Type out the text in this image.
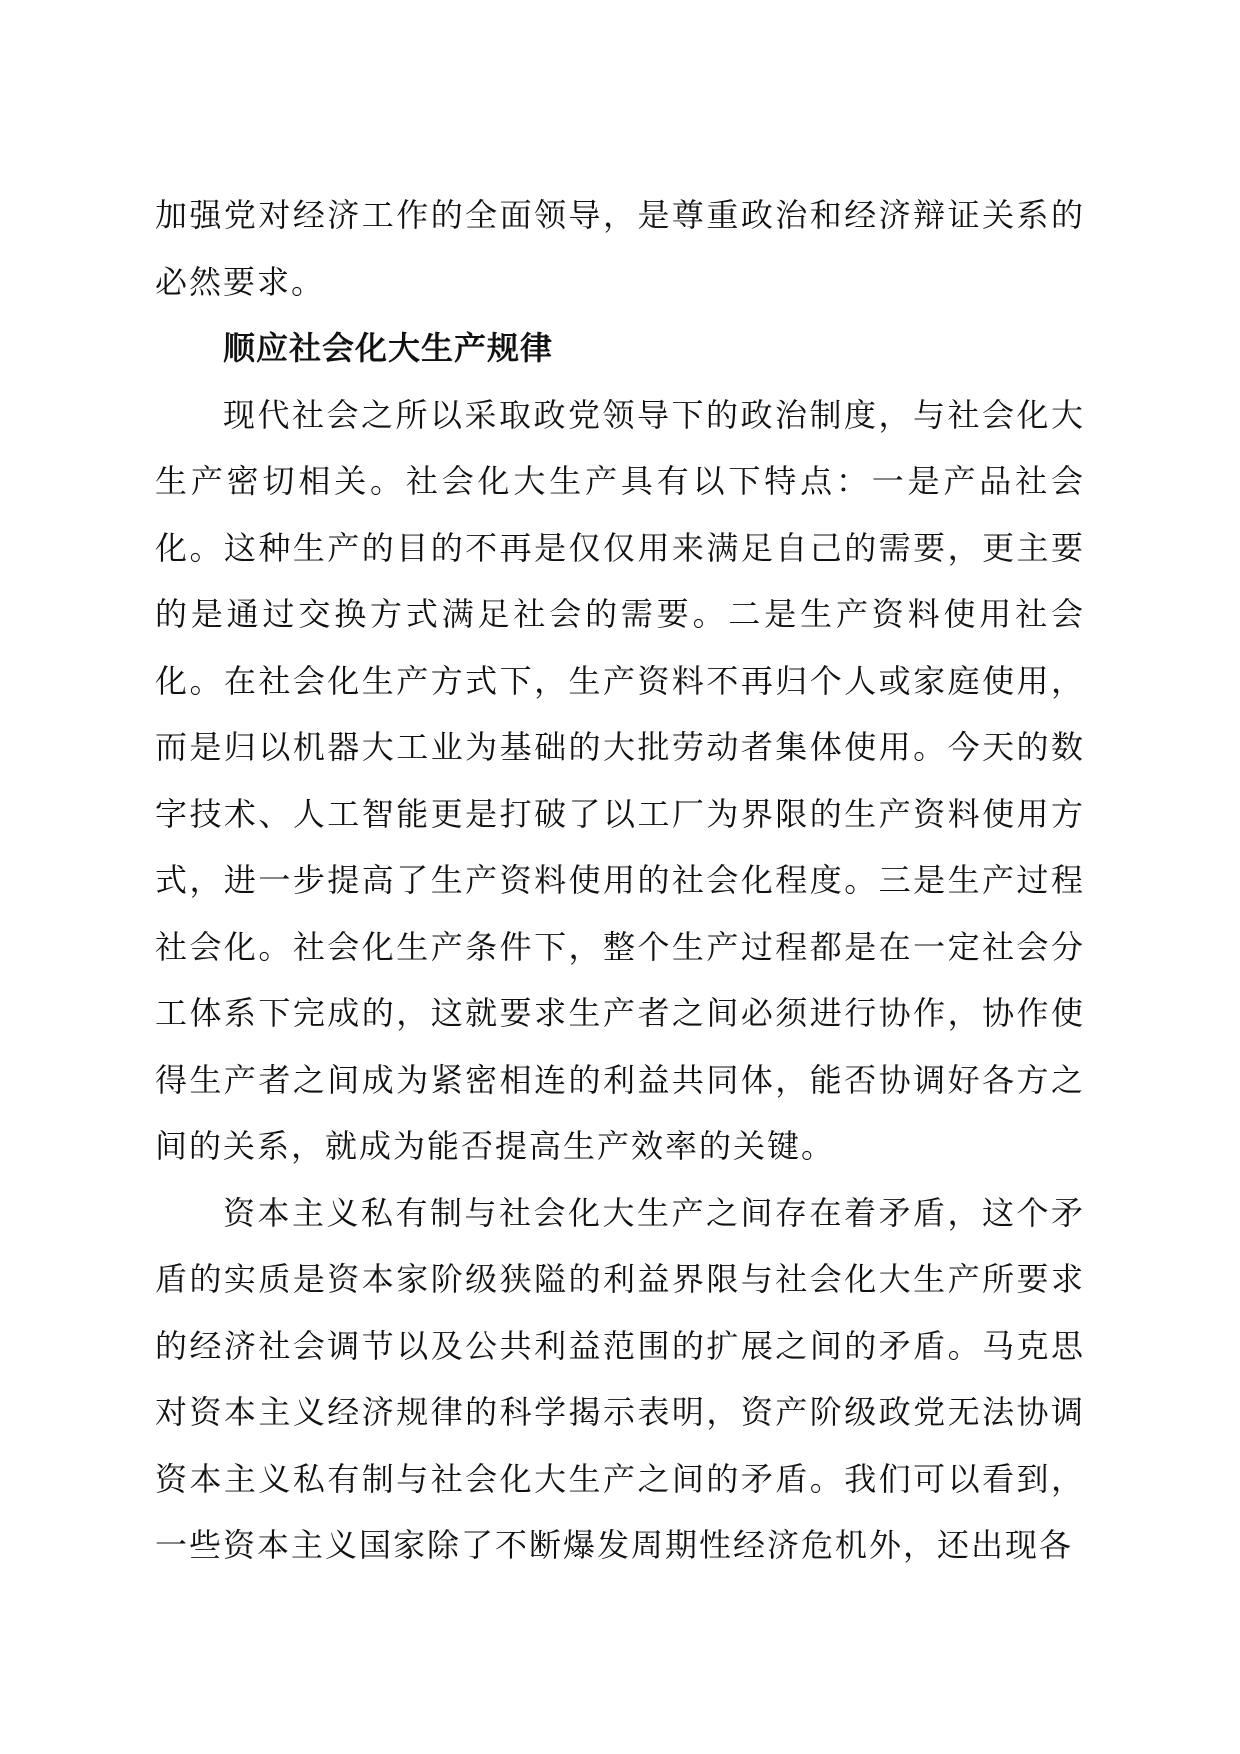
加强党对经济工作的全面领导，是尊重政治和经济辩证关系的必然要求。

顺应社会化大生产规律

现代社会之所以采取政党领导下的政治制度，与社会化大生产密切相关。社会化大生产具有以下特点：一是产品社会化。这种生产的目的不再是仅仅用来满足自己的需要，更主要的是通过交换方式满足社会的需要。二是生产资料使用社会化。在社会化生产方式下，生产资料不再归个人或家庭使用，而是归以机器大工业为基础的大批劳动者集体使用。今天的数字技术、人工智能更是打破了以工厂为界限的生产资料使用方式，进一步提高了生产资料使用的社会化程度。三是生产过程社会化。社会化生产条件下，整个生产过程都是在一定社会分工体系下完成的，这就要求生产者之间必须进行协作，协作使得生产者之间成为紧密相连的利益共同体，能否协调好各方之间的关系，就成为能否提高生产效率的关键。

资本主义私有制与社会化大生产之间存在着矛盾，这个矛盾的实质是资本家阶级狭隘的利益界限与社会化大生产所要求的经济社会调节以及公共利益范围的扩展之间的矛盾。马克思对资本主义经济规律的科学揭示表明，资产阶级政党无法协调资本主义私有制与社会化大生产之间的矛盾。我们可以看到，一些资本主义国家除了不断爆发周期性经济危机外，还出现各
